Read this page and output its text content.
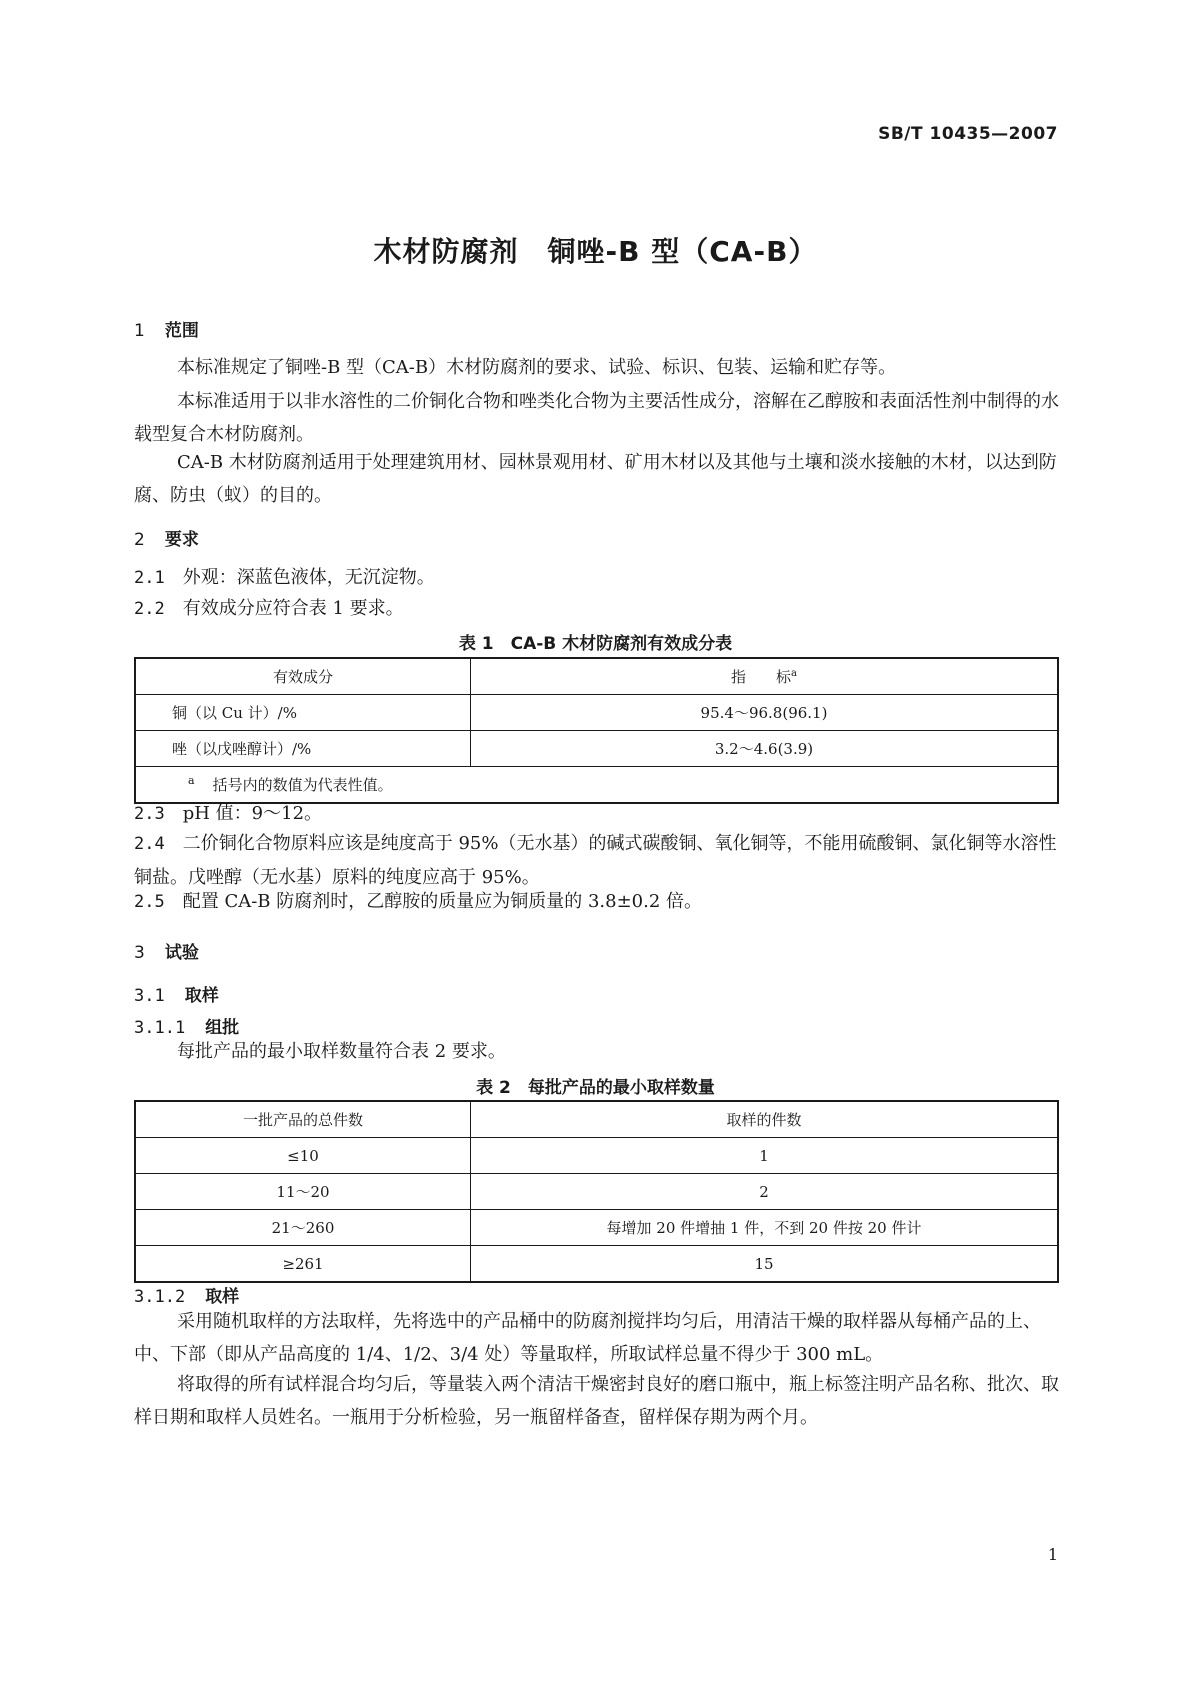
SB/T 10435—2007
木材防腐剂　铜唑-B 型（CA-B）
1 范围
本标准规定了铜唑-B 型（CA-B）木材防腐剂的要求、试验、标识、包装、运输和贮存等。
本标准适用于以非水溶性的二价铜化合物和唑类化合物为主要活性成分，溶解在乙醇胺和表面活性剂中制得的水载型复合木材防腐剂。
CA-B 木材防腐剂适用于处理建筑用材、园林景观用材、矿用木材以及其他与土壤和淡水接触的木材，以达到防腐、防虫（蚁）的目的。
2 要求
2.1 外观：深蓝色液体，无沉淀物。
2.2 有效成分应符合表 1 要求。
表 1　CA-B 木材防腐剂有效成分表
有效成分	指　　标$^a$
铜（以 Cu 计）/%	95.4～96.8(96.1)
唑（以戊唑醇计）/%	3.2～4.6(3.9)
$^a$ 括号内的数值为代表性值。	
2.3 pH 值：9～12。
2.4 二价铜化合物原料应该是纯度高于 95%（无水基）的碱式碳酸铜、氧化铜等，不能用硫酸铜、氯化铜等水溶性铜盐。戊唑醇（无水基）原料的纯度应高于 95%。
2.5 配置 CA-B 防腐剂时，乙醇胺的质量应为铜质量的 3.8±0.2 倍。
3 试验
3.1 取样
3.1.1 组批
每批产品的最小取样数量符合表 2 要求。
表 2　每批产品的最小取样数量
一批产品的总件数	取样的件数
≤10	1
11～20	2
21～260	每增加 20 件增抽 1 件，不到 20 件按 20 件计
≥261	15
3.1.2 取样
采用随机取样的方法取样，先将选中的产品桶中的防腐剂搅拌均匀后，用清洁干燥的取样器从每桶产品的上、中、下部（即从产品高度的 1/4、1/2、3/4 处）等量取样，所取试样总量不得少于 300 mL。
将取得的所有试样混合均匀后，等量装入两个清洁干燥密封良好的磨口瓶中，瓶上标签注明产品名称、批次、取样日期和取样人员姓名。一瓶用于分析检验，另一瓶留样备查，留样保存期为两个月。
1
